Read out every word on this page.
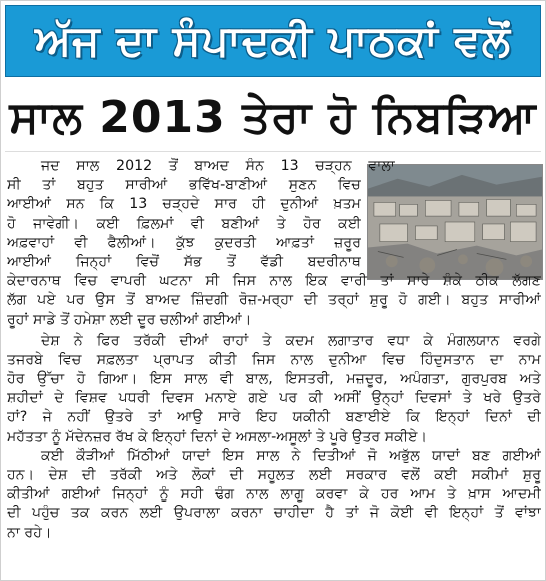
ਅੱਜ ਦਾ ਸੰਪਾਦਕੀ ਪਾਠਕਾਂ ਵਲੋਂ
ਸਾਲ 2013 ਤੇਰਾ ਹੋ ਨਿਬੜਿਆ
ਜਦ ਸਾਲ 2012 ਤੋਂ ਬਾਅਦ ਸੰਨ 13 ਚੜ੍ਹਨ ਵਾਲਾ
ਸੀ ਤਾਂ ਬਹੁਤ ਸਾਰੀਆਂ ਭਵਿੱਖ-ਬਾਣੀਆਂ ਸੁਣਨ ਵਿਚ
ਆਈਆਂ ਸਨ ਕਿ 13 ਚੜ੍ਹਦੇ ਸਾਰ ਹੀ ਦੁਨੀਆਂ ਖ਼ਤਮ
ਹੋ ਜਾਵੇਗੀ। ਕਈ ਫ਼ਿਲਮਾਂ ਵੀ ਬਣੀਆਂ ਤੇ ਹੋਰ ਕਈ
ਅਫ਼ਵਾਹਾਂ ਵੀ ਫੈਲੀਆਂ। ਕੁੱਝ ਕੁਦਰਤੀ ਆਫ਼ਤਾਂ ਜ਼ਰੂਰ
ਆਈਆਂ ਜਿਨ੍ਹਾਂ ਵਿਚੋਂ ਸੱਭ ਤੋਂ ਵੱਡੀ ਬਦਰੀਨਾਥ
ਕੇਦਾਰਨਾਥ ਵਿਚ ਵਾਪਰੀ ਘਟਨਾ ਸੀ ਜਿਸ ਨਾਲ ਇਕ ਵਾਰੀ ਤਾਂ ਸਾਰੇ ਸ਼ੰਕੇ ਠੀਕ ਲੱਗਣ
ਲੱਗ ਪਏ ਪਰ ਉਸ ਤੋਂ ਬਾਅਦ ਜ਼ਿੰਦਗੀ ਰੋਜ਼-ਮਰ੍ਹਾ ਦੀ ਤਰ੍ਹਾਂ ਸ਼ੁਰੂ ਹੋ ਗਈ। ਬਹੁਤ ਸਾਰੀਆਂ
ਰੂਹਾਂ ਸਾਡੇ ਤੋਂ ਹਮੇਸ਼ਾ ਲਈ ਦੂਰ ਚਲੀਆਂ ਗਈਆਂ।
ਦੇਸ਼ ਨੇ ਫਿਰ ਤਰੱਕੀ ਦੀਆਂ ਰਾਹਾਂ ਤੇ ਕਦਮ ਲਗਾਤਾਰ ਵਧਾ ਕੇ ਮੰਗਲਯਾਨ ਵਰਗੇ
ਤਜਰਬੇ ਵਿਚ ਸਫ਼ਲਤਾ ਪ੍ਰਾਪਤ ਕੀਤੀ ਜਿਸ ਨਾਲ ਦੁਨੀਆ ਵਿਚ ਹਿੰਦੁਸਤਾਨ ਦਾ ਨਾਮ
ਹੋਰ ਉੱਚਾ ਹੋ ਗਿਆ। ਇਸ ਸਾਲ ਵੀ ਬਾਲ, ਇਸਤਰੀ, ਮਜ਼ਦੂਰ, ਅਪੰਗਤਾ, ਗੁਰਪੁਰਬ ਅਤੇ
ਸ਼ਹੀਦਾਂ ਦੇ ਵਿਸ਼ਵ ਪਧਰੀ ਦਿਵਸ ਮਨਾਏ ਗਏ ਪਰ ਕੀ ਅਸੀਂ ਉਨ੍ਹਾਂ ਦਿਵਸਾਂ ਤੇ ਖਰੇ ਉਤਰੇ
ਹਾਂ? ਜੇ ਨਹੀਂ ਉਤਰੇ ਤਾਂ ਆਉ ਸਾਰੇ ਇਹ ਯਕੀਨੀ ਬਣਾਈਏ ਕਿ ਇਨ੍ਹਾਂ ਦਿਨਾਂ ਦੀ
ਮਹੱਤਤਾ ਨੂੰ ਮੱਦੇਨਜ਼ਰ ਰੱਖ ਕੇ ਇਨ੍ਹਾਂ ਦਿਨਾਂ ਦੇ ਅਸਲਾ-ਅਸੂਲਾਂ ਤੇ ਪੂਰੇ ਉਤਰ ਸਕੀਏ।
ਕਈ ਕੌੜੀਆਂ ਮਿੱਠੀਆਂ ਯਾਦਾਂ ਇਸ ਸਾਲ ਨੇ ਦਿਤੀਆਂ ਜੋ ਅਭੁੱਲ ਯਾਦਾਂ ਬਣ ਗਈਆਂ
ਹਨ। ਦੇਸ਼ ਦੀ ਤਰੱਕੀ ਅਤੇ ਲੋਕਾਂ ਦੀ ਸਹੂਲਤ ਲਈ ਸਰਕਾਰ ਵਲੋਂ ਕਈ ਸਕੀਮਾਂ ਸ਼ੁਰੂ
ਕੀਤੀਆਂ ਗਈਆਂ ਜਿਨ੍ਹਾਂ ਨੂੰ ਸਹੀ ਢੰਗ ਨਾਲ ਲਾਗੂ ਕਰਵਾ ਕੇ ਹਰ ਆਮ ਤੇ ਖ਼ਾਸ ਆਦਮੀ
ਦੀ ਪਹੁੰਚ ਤਕ ਕਰਨ ਲਈ ਉਪਰਾਲਾ ਕਰਨਾ ਚਾਹੀਦਾ ਹੈ ਤਾਂ ਜੋ ਕੋਈ ਵੀ ਇਨ੍ਹਾਂ ਤੋਂ ਵਾਂਝਾ
ਨਾ ਰਹੇ।
